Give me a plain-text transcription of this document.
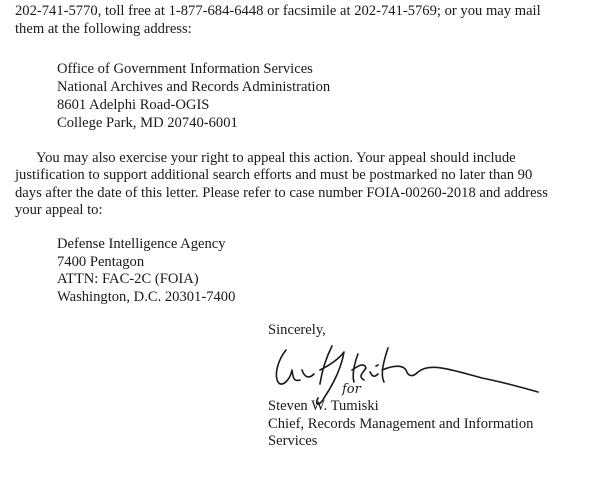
202-741-5770, toll free at 1-877-684-6448 or facsimile at 202-741-5769; or you may mail

them at the following address:

Office of Government Information Services

National Archives and Records Administration

8601 Adelphi Road-OGIS

College Park, MD 20740-6001

You may also exercise your right to appeal this action. Your appeal should include

justification to support additional search efforts and must be postmarked no later than 90

days after the date of this letter. Please refer to case number FOIA-00260-2018 and address

your appeal to:

Defense Intelligence Agency

7400 Pentagon

ATTN: FAC-2C (FOIA)

Washington, D.C. 20301-7400

Sincerely,

for

Steven W. Tumiski

Chief, Records Management and Information

Services
